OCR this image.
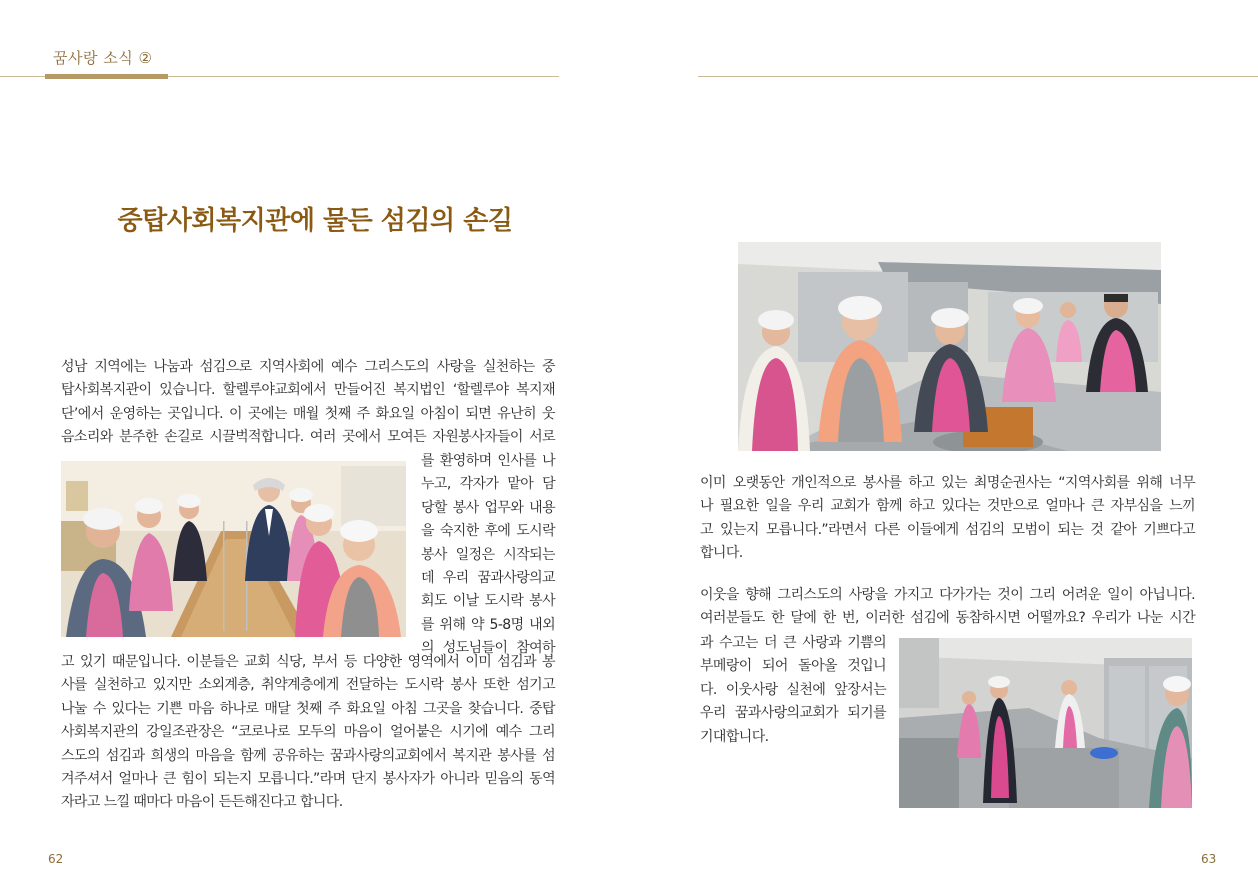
꿈사랑 소식 ②
중탑사회복지관에 물든 섬김의 손길
성남 지역에는 나눔과 섬김으로 지역사회에 예수 그리스도의 사랑을 실천하는 중
탑사회복지관이 있습니다. 할렐루야교회에서 만들어진 복지법인 ‘할렐루야 복지재
단’에서 운영하는 곳입니다. 이 곳에는 매월 첫째 주 화요일 아침이 되면 유난히 웃
음소리와 분주한 손길로 시끌벅적합니다. 여러 곳에서 모여든 자원봉사자들이 서로
를 환영하며 인사를 나
누고, 각자가 맡아 담
당할 봉사 업무와 내용
을 숙지한 후에 도시락
봉사 일정은 시작되는
데 우리 꿈과사랑의교
회도 이날 도시락 봉사
를 위해 약 5-8명 내외
의 성도님들이 참여하
고 있기 때문입니다. 이분들은 교회 식당, 부서 등 다양한 영역에서 이미 섬김과 봉
사를 실천하고 있지만 소외계층, 취약계층에게 전달하는 도시락 봉사 또한 섬기고
나눌 수 있다는 기쁜 마음 하나로 매달 첫째 주 화요일 아침 그곳을 찾습니다. 중탑
사회복지관의 강일조관장은 “코로나로 모두의 마음이 얼어붙은 시기에 예수 그리
스도의 섬김과 희생의 마음을 함께 공유하는 꿈과사랑의교회에서 복지관 봉사를 섬
겨주셔서 얼마나 큰 힘이 되는지 모릅니다.”라며 단지 봉사자가 아니라 믿음의 동역
자라고 느낄 때마다 마음이 든든해진다고 합니다.
이미 오랫동안 개인적으로 봉사를 하고 있는 최명순권사는 “지역사회를 위해 너무
나 필요한 일을 우리 교회가 함께 하고 있다는 것만으로 얼마나 큰 자부심을 느끼
고 있는지 모릅니다.”라면서 다른 이들에게 섬김의 모범이 되는 것 같아 기쁘다고
합니다.
이웃을 향해 그리스도의 사랑을 가지고 다가가는 것이 그리 어려운 일이 아닙니다.
여러분들도 한 달에 한 번, 이러한 섬김에 동참하시면 어떨까요? 우리가 나눈 시간
과 수고는 더 큰 사랑과 기쁨의
부메랑이 되어 돌아올 것입니
다. 이웃사랑 실천에 앞장서는
우리 꿈과사랑의교회가 되기를
기대합니다.
62	63
